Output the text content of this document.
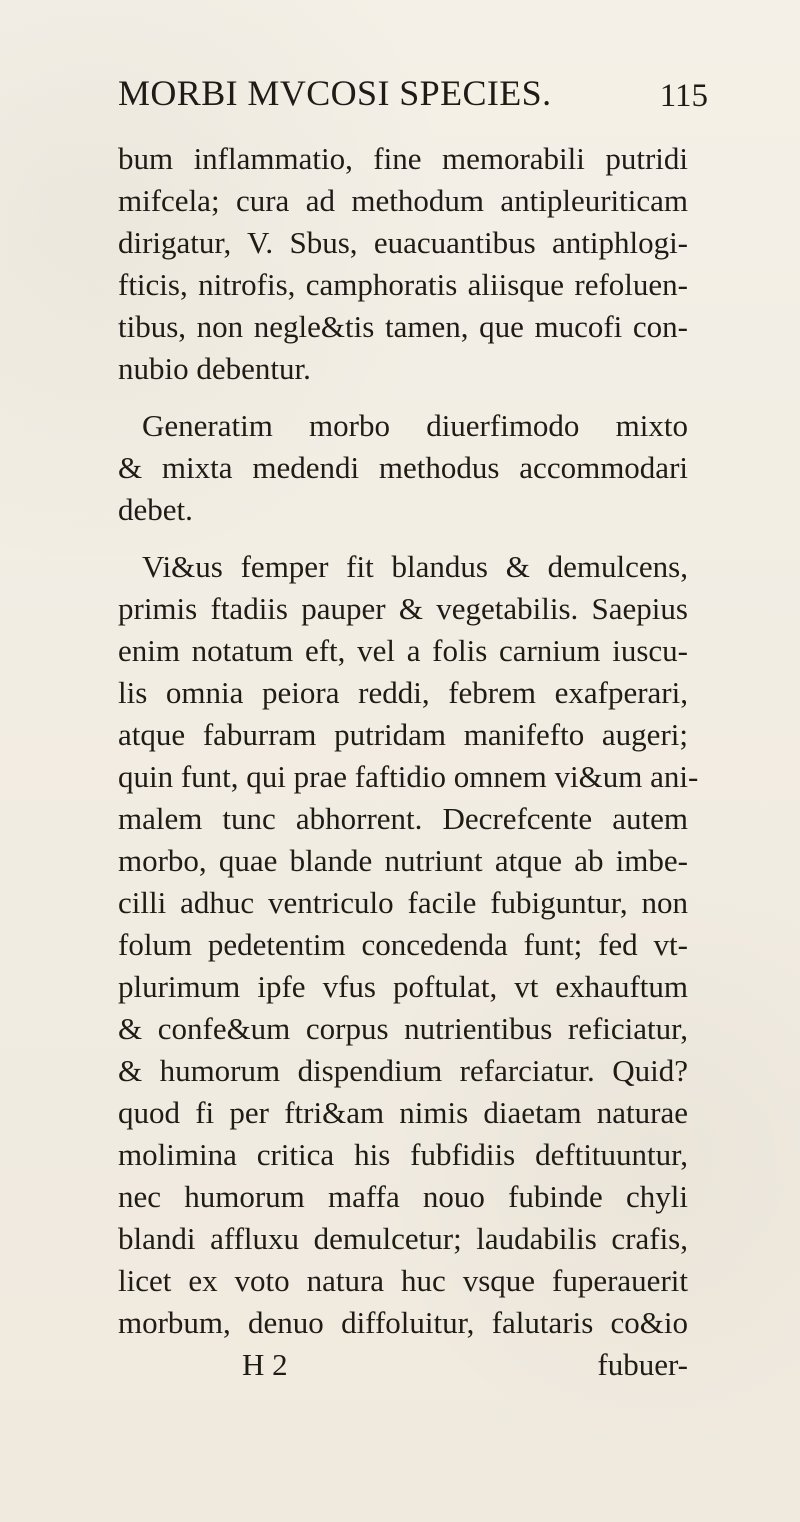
MORBI MVCOSI SPECIES.	115
bum inflammatio, fine memorabili putridi
mifcela; cura ad methodum antipleuriticam
dirigatur, V. Sbus, euacuantibus antiphlogi-
fticis, nitrofis, camphoratis aliisque refoluen-
tibus, non negle&tis tamen, que mucofi con-
nubio debentur.
Generatim morbo diuerfimodo mixto
& mixta medendi methodus accommodari
debet.
Vi&us femper fit blandus & demulcens,
primis ftadiis pauper & vegetabilis. Saepius
enim notatum eft, vel a folis carnium iuscu-
lis omnia peiora reddi, febrem exafperari,
atque faburram putridam manifefto augeri;
quin funt, qui prae faftidio omnem vi&um ani-
malem tunc abhorrent. Decrefcente autem
morbo, quae blande nutriunt atque ab imbe-
cilli adhuc ventriculo facile fubiguntur, non
folum pedetentim concedenda funt; fed vt-
plurimum ipfe vfus poftulat, vt exhauftum
& confe&um corpus nutrientibus reficiatur,
& humorum dispendium refarciatur. Quid?
quod fi per ftri&am nimis diaetam naturae
molimina critica his fubfidiis deftituuntur,
nec humorum maffa nouo fubinde chyli
blandi affluxu demulcetur; laudabilis crafis,
licet ex voto natura huc vsque fuperauerit
morbum, denuo diffoluitur, falutaris co&io
H 2	fubuer-
